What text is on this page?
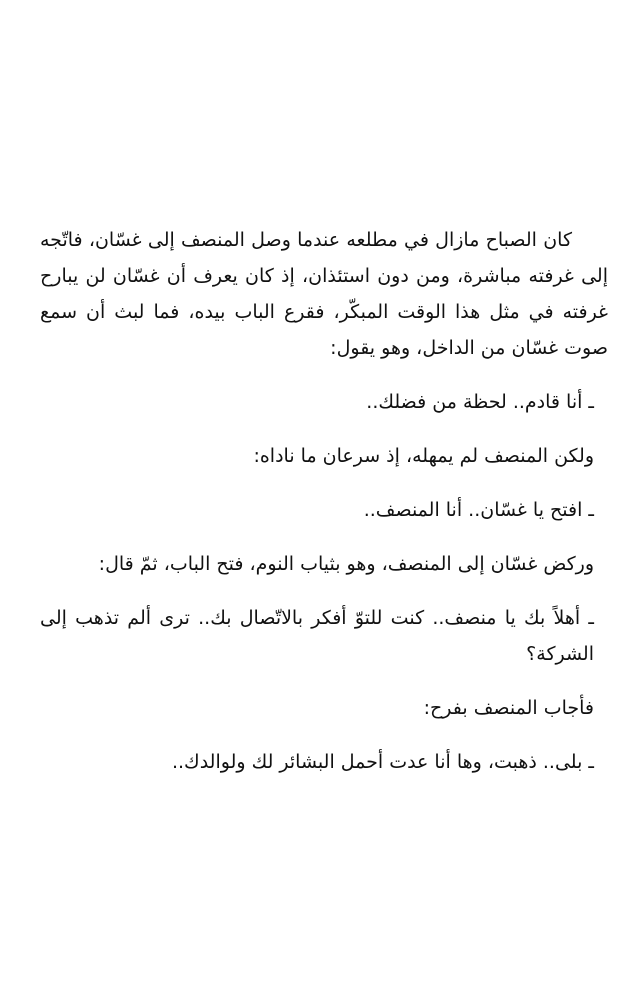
كان الصباح مازال في مطلعه عندما وصل المنصف إلى غسّان، فاتّجه إلى غرفته مباشرة، ومن دون استئذان، إذ كان يعرف أن غسّان لن يبارح غرفته في مثل هذا الوقت المبكّر، فقرع الباب بيده، فما لبث أن سمع صوت غسّان من الداخل، وهو يقول:

ـ أنا قادم.. لحظة من فضلك..

ولكن المنصف لم يمهله، إذ سرعان ما ناداه:

ـ افتح يا غسّان.. أنا المنصف..

وركض غسّان إلى المنصف، وهو بثياب النوم، فتح الباب، ثمّ قال:

ـ أهلاً بك يا منصف.. كنت للتوّ أفكر بالاتّصال بك.. ترى ألم تذهب إلى الشركة؟

فأجاب المنصف بفرح:

ـ بلى.. ذهبت، وها أنا عدت أحمل البشائر لك ولوالدك..
